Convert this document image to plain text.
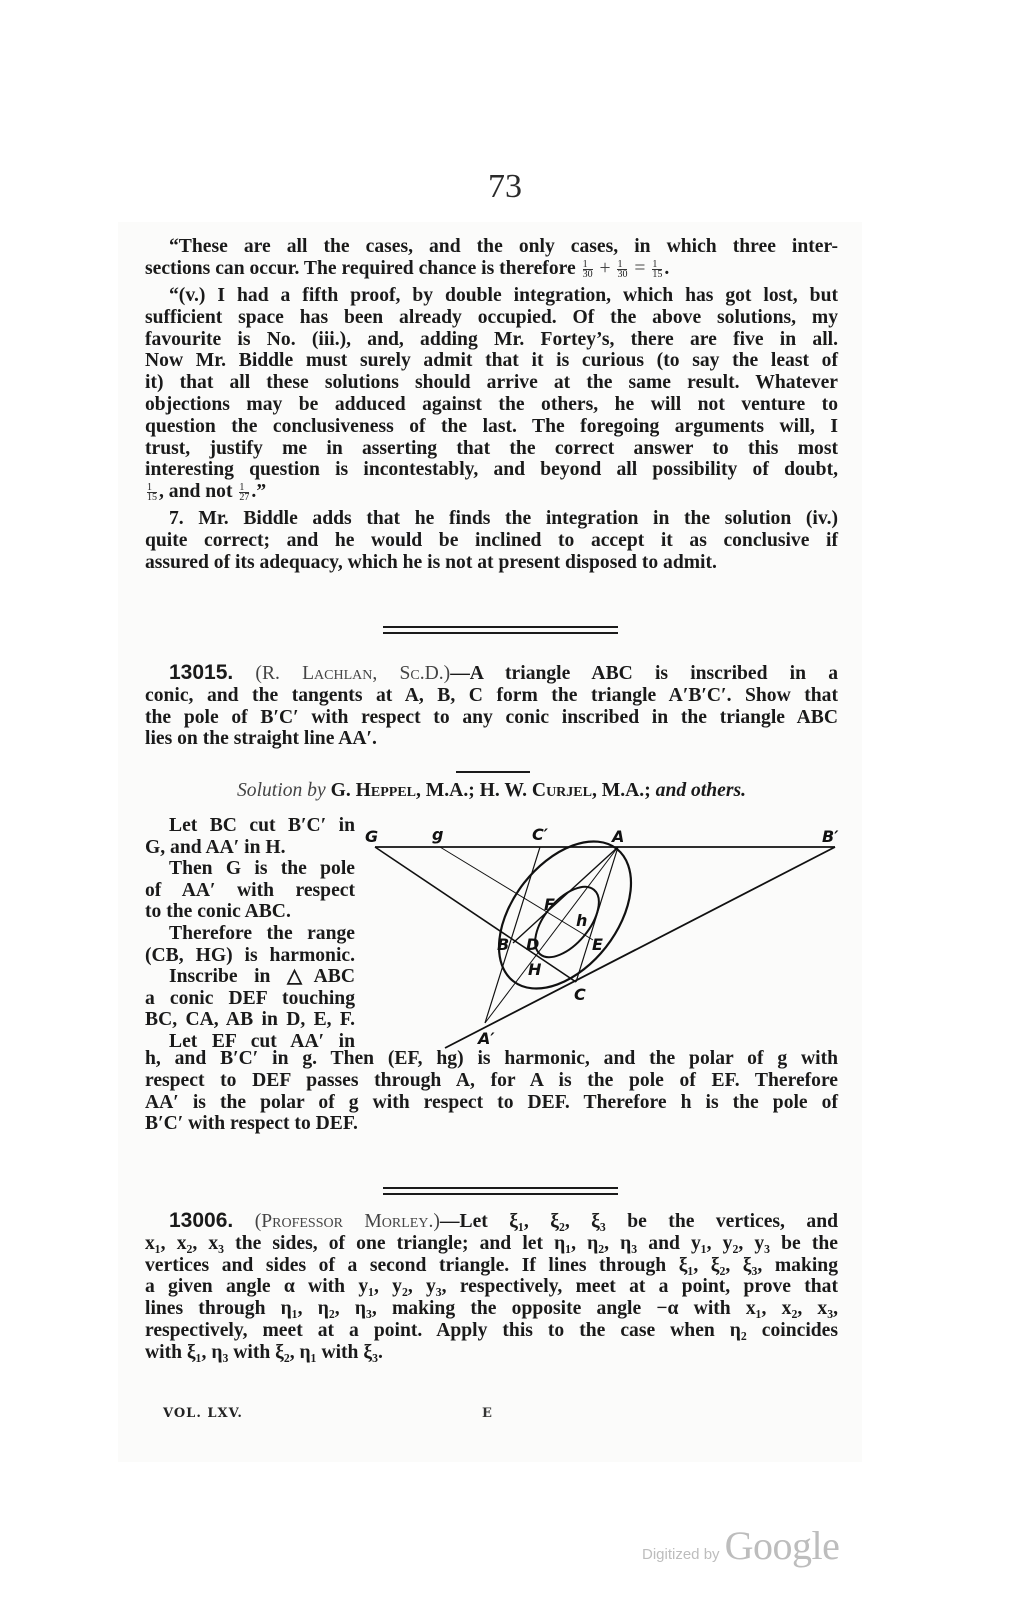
73
“These are all the cases, and the only cases, in which three inter-
sections can occur. The required chance is therefore $\frac{1}{30} + \frac{1}{30} = \frac{1}{15}$ .
“(v.) I had a fifth proof, by double integration, which has got lost, but
sufficient space has been already occupied. Of the above solutions, my
favourite is No. (iii.), and, adding Mr. Fortey’s, there are five in all.
Now Mr. Biddle must surely admit that it is curious (to say the least of
it) that all these solutions should arrive at the same result. Whatever
objections may be adduced against the others, he will not venture to
question the conclusiveness of the last. The foregoing arguments will, I
trust, justify me in asserting that the correct answer to this most
interesting question is incontestably, and beyond all possibility of doubt,
$\frac{1}{15}$ , and not $\frac{1}{27}$ .”
7. Mr. Biddle adds that he finds the integration in the solution (iv.)
quite correct; and he would be inclined to accept it as conclusive if
assured of its adequacy, which he is not at present disposed to admit.
13015. (R. Lachlan, Sc.D.)—A triangle ABC is inscribed in a
conic, and the tangents at A, B, C form the triangle A′B′C′. Show that
the pole of B′C′ with respect to any conic inscribed in the triangle ABC
lies on the straight line AA′.
Solution by G. Heppel, M.A.; H. W. Curjel, M.A.; and others.
Let BC cut B′C′ in
G, and AA′ in H.
Then G is the pole
of AA′ with respect
to the conic ABC.
Therefore the range
(CB, HG) is harmonic.
Inscribe in △ABC
a conic DEF touching
BC, CA, AB in D, E, F.
Let EF cut AA′ in
G	g	C′	A	B′
F
h
B D	E
H
C
A′
h, and B′C′ in g. Then (EF, hg) is harmonic, and the polar of g with
respect to DEF passes through A, for A is the pole of EF. Therefore
AA′ is the polar of g with respect to DEF. Therefore h is the pole of
B′C′ with respect to DEF.
13006. (Professor Morley.)—Let ξ₁, ξ₂, ξ₃ be the vertices, and
x₁, x₂, x₃ the sides, of one triangle; and let η₁, η₂, η₃ and y₁, y₂, y₃ be the
vertices and sides of a second triangle. If lines through ξ₁, ξ₂, ξ₃, making
a given angle α with y₁, y₂, y₃, respectively, meet at a point, prove that
lines through η₁, η₂, η₃, making the opposite angle −α with x₁, x₂, x₃,
respectively, meet at a point. Apply this to the case when η₂ coincides
with ξ₁, η₃ with ξ₂, η₁ with ξ₃.
VOL. LXV.	E
Digitized by Google
